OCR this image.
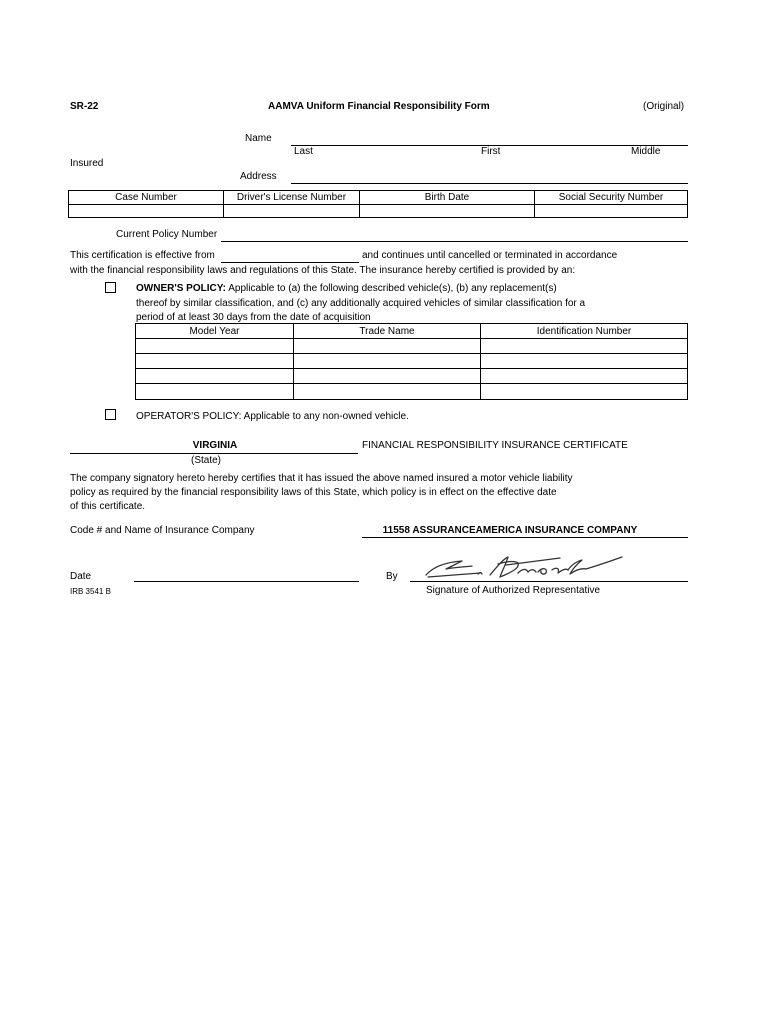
SR-22	AAMVA Uniform Financial Responsibility Form	(Original)
Name
Last	First	Middle
Insured
Address
Case Number	Driver's License Number	Birth Date	Social Security Number
Current Policy Number
This certification is effective from	and continues until cancelled or terminated in accordance
with the financial responsibility laws and regulations of this State. The insurance hereby certified is provided by an:
OWNER'S POLICY: Applicable to (a) the following described vehicle(s), (b) any replacement(s)
thereof by similar classification, and (c) any additionally acquired vehicles of similar classification for a
period of at least 30 days from the date of acquisition
Model Year	Trade Name	Identification Number
OPERATOR'S POLICY: Applicable to any non-owned vehicle.
VIRGINIA
(State)
FINANCIAL RESPONSIBILITY INSURANCE CERTIFICATE
The company signatory hereto hereby certifies that it has issued the above named insured a motor vehicle liability
policy as required by the financial responsibility laws of this State, which policy is in effect on the effective date
of this certificate.
Code # and Name of Insurance Company	11558 ASSURANCEAMERICA INSURANCE COMPANY
Date	By
IRB 3541 B	Signature of Authorized Representative
